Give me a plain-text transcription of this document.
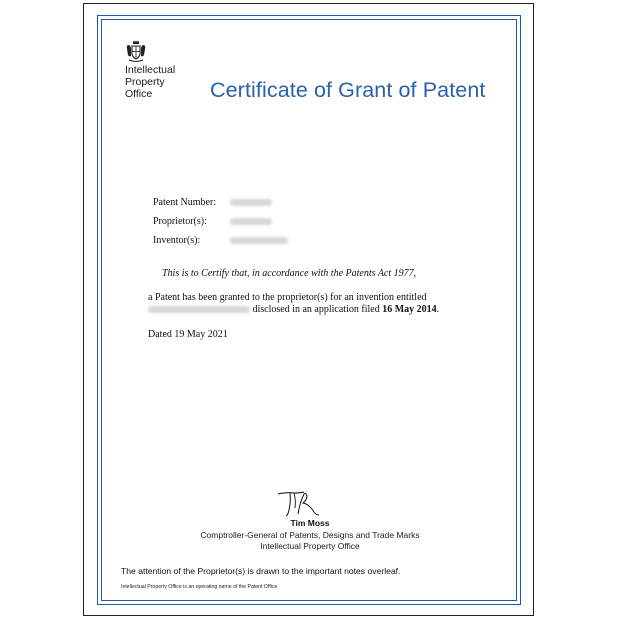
Intellectual
Property
Office	Certificate of Grant of Patent
Patent Number:
Proprietor(s):
Inventor(s):
This is to Certify that, in accordance with the Patents Act 1977,
a Patent has been granted to the proprietor(s) for an invention entitled
disclosed in an application filed 16 May 2014.
Dated 19 May 2021
Tim Moss
Comptroller-General of Patents, Designs and Trade Marks
Intellectual Property Office
The attention of the Proprietor(s) is drawn to the important notes overleaf.
Intellectual Property Office is an operating name of the Patent Office
